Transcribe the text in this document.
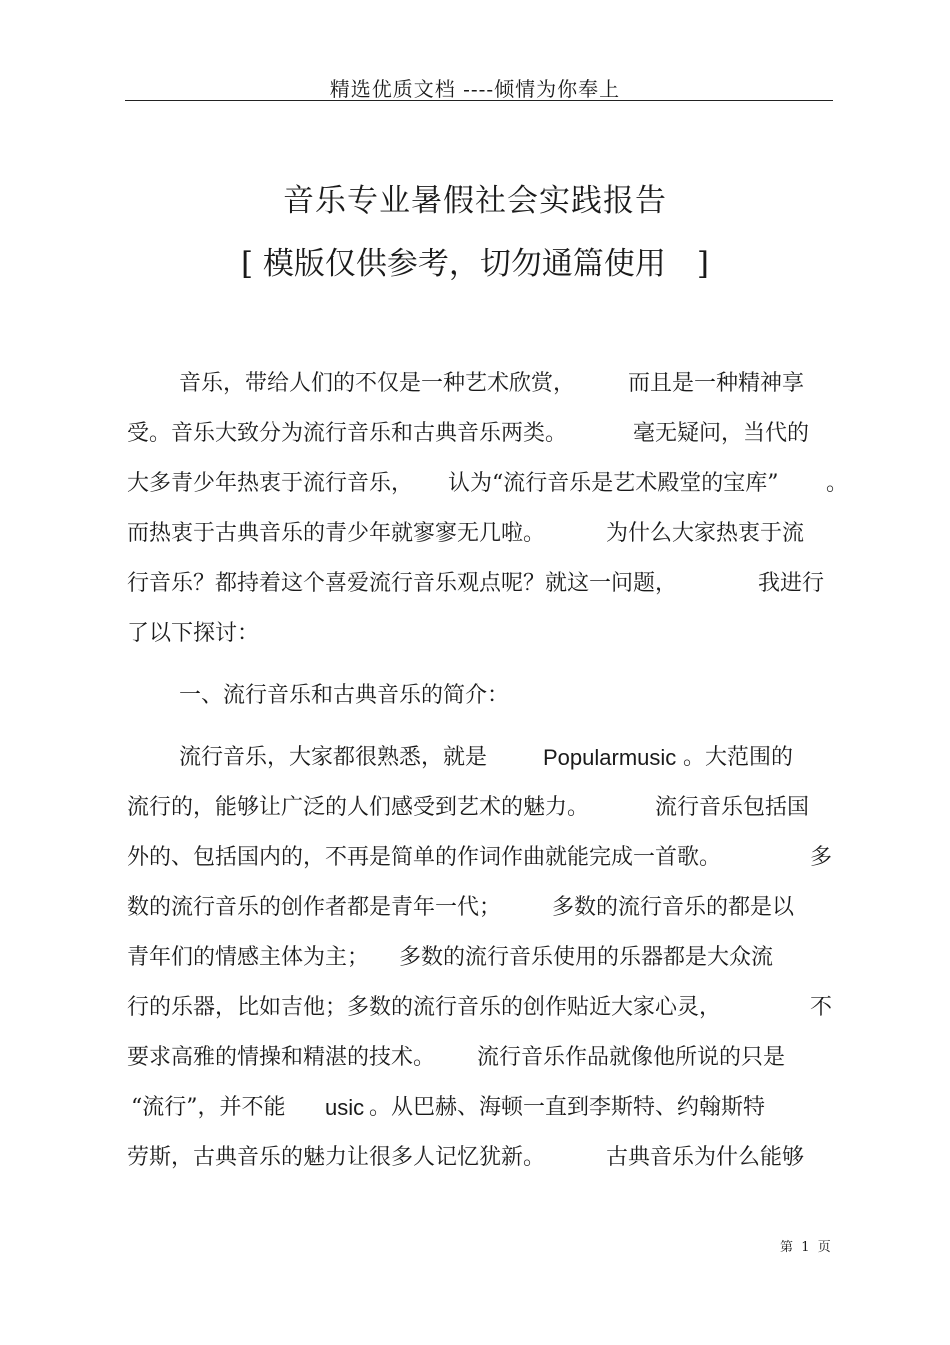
精选优质文档 ----倾情为你奉上
音乐专业暑假社会实践报告
[ 模版仅供参考，切勿通篇使用　]
音乐，带给人们的不仅是一种艺术欣赏， 而且是一种精神享
受。音乐大致分为流行音乐和古典音乐两类。	毫无疑问，当代的
大多青少年热衷于流行音乐， 认为“流行音乐是艺术殿堂的宝库” 。
而热衷于古典音乐的青少年就寥寥无几啦。	为什么大家热衷于流
行音乐？都持着这个喜爱流行音乐观点呢？就这一问题，	我进行
了以下探讨：
一、流行音乐和古典音乐的简介：
流行音乐，大家都很熟悉，就是	Popularmusic 。大范围的
流行的，能够让广泛的人们感受到艺术的魅力。	流行音乐包括国
外的、包括国内的，不再是简单的作词作曲就能完成一首歌。	多
数的流行音乐的创作者都是青年一代； 多数的流行音乐的都是以
青年们的情感主体为主； 多数的流行音乐使用的乐器都是大众流
行的乐器，比如吉他；多数的流行音乐的创作贴近大家心灵，	不
要求高雅的情操和精湛的技术。 流行音乐作品就像他所说的只是
“流行”，并不能 usic 。从巴赫、海顿一直到李斯特、约翰斯特
劳斯，古典音乐的魅力让很多人记忆犹新。	古典音乐为什么能够
第  1  页
